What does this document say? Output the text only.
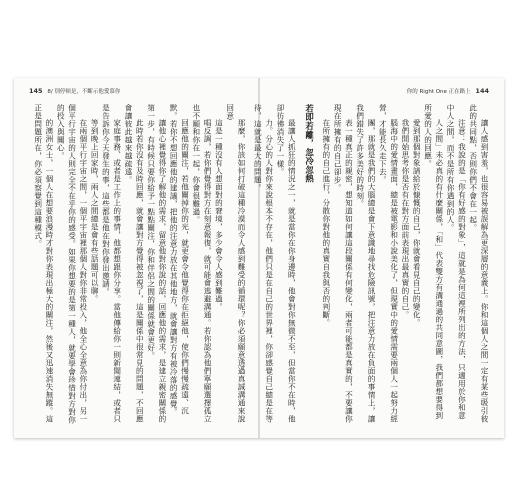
145 8/ 別停頓是，不斷示他愛慕你

那麼，你該如何打破這種冷漠而令人感到難受的循環呢？你必須願意透過真誠溝通來說回意

這是一種沒有人想面對的窘境，多少會令人感到難過。

唱反調，若你們覺得對方在刻意報復，就可能會逃避溝通。若你認為他們寧願選擇孤立也不願和你在一起，你會很難過。

回應他的關注，若他關掉你的光，就更會令他覺得你在拒絕他，使你們慢慢疏遠、沉默。若你不想回應他的建議，把他的注意力放在其他地方，就會讓對方有被冷落的感覺。

讓他心裡覺得你了解他的需求，留意他對你說的話，回應他的需求，是建立親密關係的第一步，有時候只要你給予一點點關注，你和伴侶之間的關係就會更好。

此時若你沒有及時回應，就會讓對方覺得被忽視了，這是關係中很常見的問題，不回應會讓彼此越來越疏遠。

家庭事務、或者是工作上的事情，他都想跟你分享。當他傳給你一則新聞連結，或者只是告訴你今天發生的事，這些都是他在對你發出邀請。

等到晚上回家時，兩人之間總是會有些話題可以聊。

在兩個平行宇宙之間，一個平宇宙裡那個人對你非常投入，他全心全意為你付出，另一個平行宇宙的人則完全不在乎你的感受。如果你想要的是第一種人，就要學會珍惜對方對你的投入與關心。

的澳洲女士，一個人在想要浪漫時才對你表現出極大的關注，然後又迅速消失無蹤。這正是問題所在，你必須察覺到這種模式。

你的 Right One 正在路上 144

讓人感到害羞，也很容易被誤解為更深層的意義上。你和這個人之間一定有某些吸引彼此的共同點，否則你們不會在一起。

注意：我說的是「你有好感的對象」，這就是為何這裡所列出的方法，只適用於你和意中人之間，而不是所有你遇到的人。

人之間」未必真的有什麼關係，「和」代表雙方有溝通過的共同意圖，我們都想要得到所愛的人的回應。

愛到那個對象請給於慷慨的自己，你就會看見自己的變化。

我們開始思考你是否有在對方面前表現出最真實的自己。

腦海中的愛情畫面，總是被電影和小說美化了，但現實中的愛情需要兩個人一起努力經營，才能長久走下去。

團，那就是我們的大腦總是會下意識地尋找危險訊號，把注意力放在負面的事情上，讓我們錯失了許多美好的時刻。

表一種真正的親密，想知道如何讓這段關係有何變化，兩者可能都是真實的，不要讓你現在所擁有的自己卻步。

在所擁有的自己進行，分散你對他的真實自我與否的判斷。

若即若離，忽冷忽熱

最讓人抓狂的情況之一，就是當你在你身邊時，他會對你無微不至，但當你不在時，他卻彷彿消失了一樣。

力。分心的人對你來說根本不存在，他們只是在自己的世界裡，你卻感覺自己總是在等待，這就是最大的問題。
